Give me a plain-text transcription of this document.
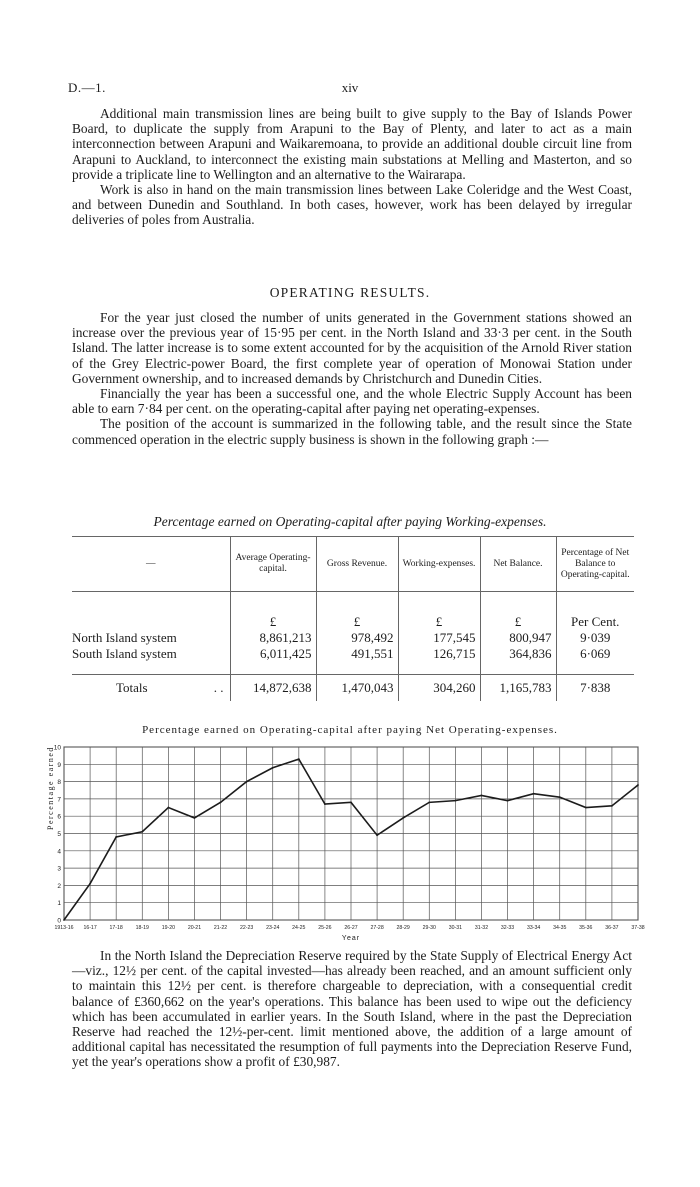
D.—1.	xiv

Additional main transmission lines are being built to give supply to the Bay of Islands Power Board, to duplicate the supply from Arapuni to the Bay of Plenty, and later to act as a main interconnection between Arapuni and Waikaremoana, to provide an additional double circuit line from Arapuni to Auckland, to interconnect the existing main substations at Melling and Masterton, and so provide a triplicate line to Wellington and an alternative to the Wairarapa.

Work is also in hand on the main transmission lines between Lake Coleridge and the West Coast, and between Dunedin and Southland. In both cases, however, work has been delayed by irregular deliveries of poles from Australia.

OPERATING RESULTS.

For the year just closed the number of units generated in the Government stations showed an increase over the previous year of 15·95 per cent. in the North Island and 33·3 per cent. in the South Island. The latter increase is to some extent accounted for by the acquisition of the Arnold River station of the Grey Electric-power Board, the first complete year of operation of Monowai Station under Government ownership, and to increased demands by Christchurch and Dunedin Cities.

Financially the year has been a successful one, and the whole Electric Supply Account has been able to earn 7·84 per cent. on the operating-capital after paying net operating-expenses.

The position of the account is summarized in the following table, and the result since the State commenced operation in the electric supply business is shown in the following graph :—

Percentage earned on Operating-capital after paying Working-expenses.
—	Average Operating-capital.	Gross Revenue.	Working-expenses.	Net Balance.	Percentage of Net Balance to Operating-capital.

	£	£	£	£	Per Cent.
North Island system	8,861,213	978,492	177,545	800,947	9·039
South Island system	6,011,425	491,551	126,715	364,836	6·069

Totals . .	14,872,638	1,470,043	304,260	1,165,783	7·838
Percentage earned on Operating-capital after paying Net Operating-expenses.
0
1
2
3
4
5
6
7
8
9
10
1913-16 16-17 17-18 18-19 19-20 20-21 21-22 22-23 23-24 24-25 25-26 26-27 27-28 28-29 29-30 30-31 31-32 32-33 33-34 34-35 35-36 36-37 37-38
Year
Percentage earned

In the North Island the Depreciation Reserve required by the State Supply of Electrical Energy Act—viz., 12½ per cent. of the capital invested—has already been reached, and an amount sufficient only to maintain this 12½ per cent. is therefore chargeable to depreciation, with a consequential credit balance of £360,662 on the year's operations. This balance has been used to wipe out the deficiency which has been accumulated in earlier years. In the South Island, where in the past the Depreciation Reserve had reached the 12½-per-cent. limit mentioned above, the addition of a large amount of additional capital has necessitated the resumption of full payments into the Depreciation Reserve Fund, yet the year's operations show a profit of £30,987.
